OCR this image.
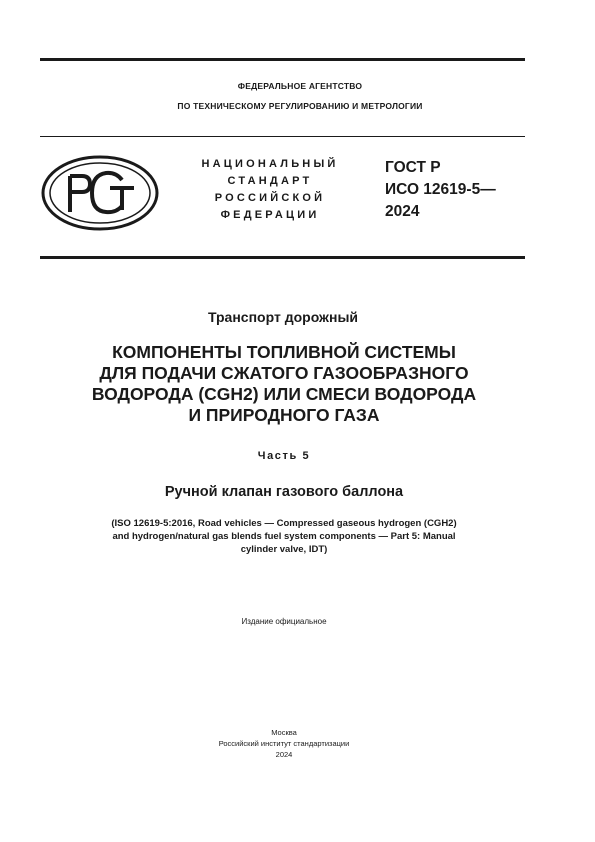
ФЕДЕРАЛЬНОЕ АГЕНТСТВО
ПО ТЕХНИЧЕСКОМУ РЕГУЛИРОВАНИЮ И МЕТРОЛОГИИ
НАЦИОНАЛЬНЫЙ
СТАНДАРТ
РОССИЙСКОЙ
ФЕДЕРАЦИИ
ГОСТ Р
ИСО 12619-5—
2024
Транспорт дорожный
КОМПОНЕНТЫ ТОПЛИВНОЙ СИСТЕМЫ
ДЛЯ ПОДАЧИ СЖАТОГО ГАЗООБРАЗНОГО
ВОДОРОДА (CGH2) ИЛИ СМЕСИ ВОДОРОДА
И ПРИРОДНОГО ГАЗА
Часть 5
Ручной клапан газового баллона
(ISO 12619-5:2016, Road vehicles — Compressed gaseous hydrogen (CGH2)
and hydrogen/natural gas blends fuel system components — Part 5: Manual
cylinder valve, IDT)
Издание официальное
Москва
Российский институт стандартизации
2024
